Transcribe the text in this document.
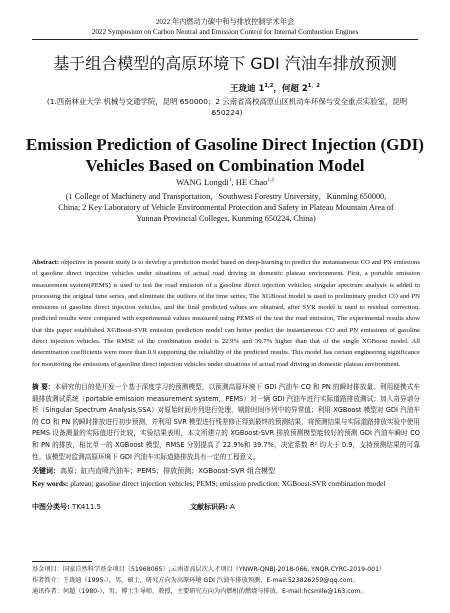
2022 年内燃动力碳中和与排放控制学术年会
2022 Symposium on Carbon Neutral and Emission Control for Internal Combustion Engines
基于组合模型的高原环境下 GDI 汽油车排放预测
王珑迪 1$^{1,2}$，何超 $2^{1,2}$
(1.西南林业大学 机械与交通学院，昆明 650000；2 云南省高校高原山区机动车环保与安全重点实验室，昆明 650224)
Emission Prediction of Gasoline Direct Injection (GDI) Vehicles Based on Combination Model
WANG Longdi$^1$, HE Chao$^{1,2}$
(1 College of Machinery and Transportation，Southwest Forestry University，Kunming 650000, China; 2 Key Laboratory of Vehicle Environmental Protection and Safety in Plateau Mountain Area of Yunnan Provincial Colleges, Kunming 650224, China)
Abstract: objective in present study is to develop a prediction model based on deep-learning to predict the instantaneous CO and PN emissions of gasoline direct injection vehicles under situations of actual road driving in domestic plateau environment. First, a portable emission measurement system(PEMS) is used to test the road emission of a gasoline direct injection vehicles; singular spectrum analysis is added to processing the original time series, and eliminate the outliers of the time series; The XGBoost model is used to preliminary predict CO and PN emissions of gasoline direct injection vehicles, and the final predicted values are obtained, after SVR model is used to residual correction. predicted results were compared with experimental values measured using PEMS of the test the road emission, The experimental results show that this paper established XGBoost-SVR emission prediction model can better predict the instantaneous CO and PN emissions of gasoline direct injection vehicles. The RMSE of the combination model is 22.9% and 39.7% higher than that of the single XGBoost model. All determination coefficients were more than 0.9 supporting the reliability of the predicted results. This model has certain engineering significance for monitoring the emissions of gasoline direct injection vehicles under situations of actual road driving in domestic plateau environment.
摘 要：本研究的目的是开发一个基于深度学习的预测模型，以预测高原环境下 GDI 汽油车 CO 和 PN 的瞬时排放量。利用便携式车载排放测试系统（portable emission measurement system，PEMS）对一辆 GDI 汽油车进行实际道路排放测试；加入奇异谱分析（Singular Spectrum Analysis,SSA）对原始时间序列进行处理，剔除时间序列中的异常值；利用 XGBoost 模型对 GDI 汽油车的 CO 和 PN 的瞬时排放进行初步预测，并利用 SVR 模型进行残差修正得到最终的预测结果，将预测结果与实际道路排放实验中使用 PEMS 设备测量的实际值进行比较，实验结果表明，本文所建立的 XGBoost-SVR 排放预测模型能较好的预测 GDI 汽油车瞬时 CO 和 PN 的排放，相比单一的 XGBoost 模型，RMSE 分别提高了 22.9%和 39.7%，决定系数 R² 均大于 0.9，支持预测结果的可靠性。该模型对监测高原环境下 GDI 汽油车实际道路排放具有一定的工程意义。
关键词：高原；缸内直喷汽油车；PEMS；排放预测；XGBoost-SVR 组合模型
Key words: plateau; gasoline direct injection vehicles; PEMS; emission prediction; XGBoost-SVR combination model
中图分类号: TK411.5	文献标识码: A
基金项目：国家自然科学基金项目（51968065）;云南省高层次人才项目（YNWR-QNBJ-2018-066, YNQR-CYRC-2019-001）
作者简介：王珑迪（1995-），男，硕士，研究方向为高原环境 GDI 汽油车排放预测，E-mail:523826259@qq.com。
通讯作者：何超（1980-），男，博士生导师，教授，主要研究方向为内燃机的燃烧与排放，E-mail:hcsmile@163.com。
